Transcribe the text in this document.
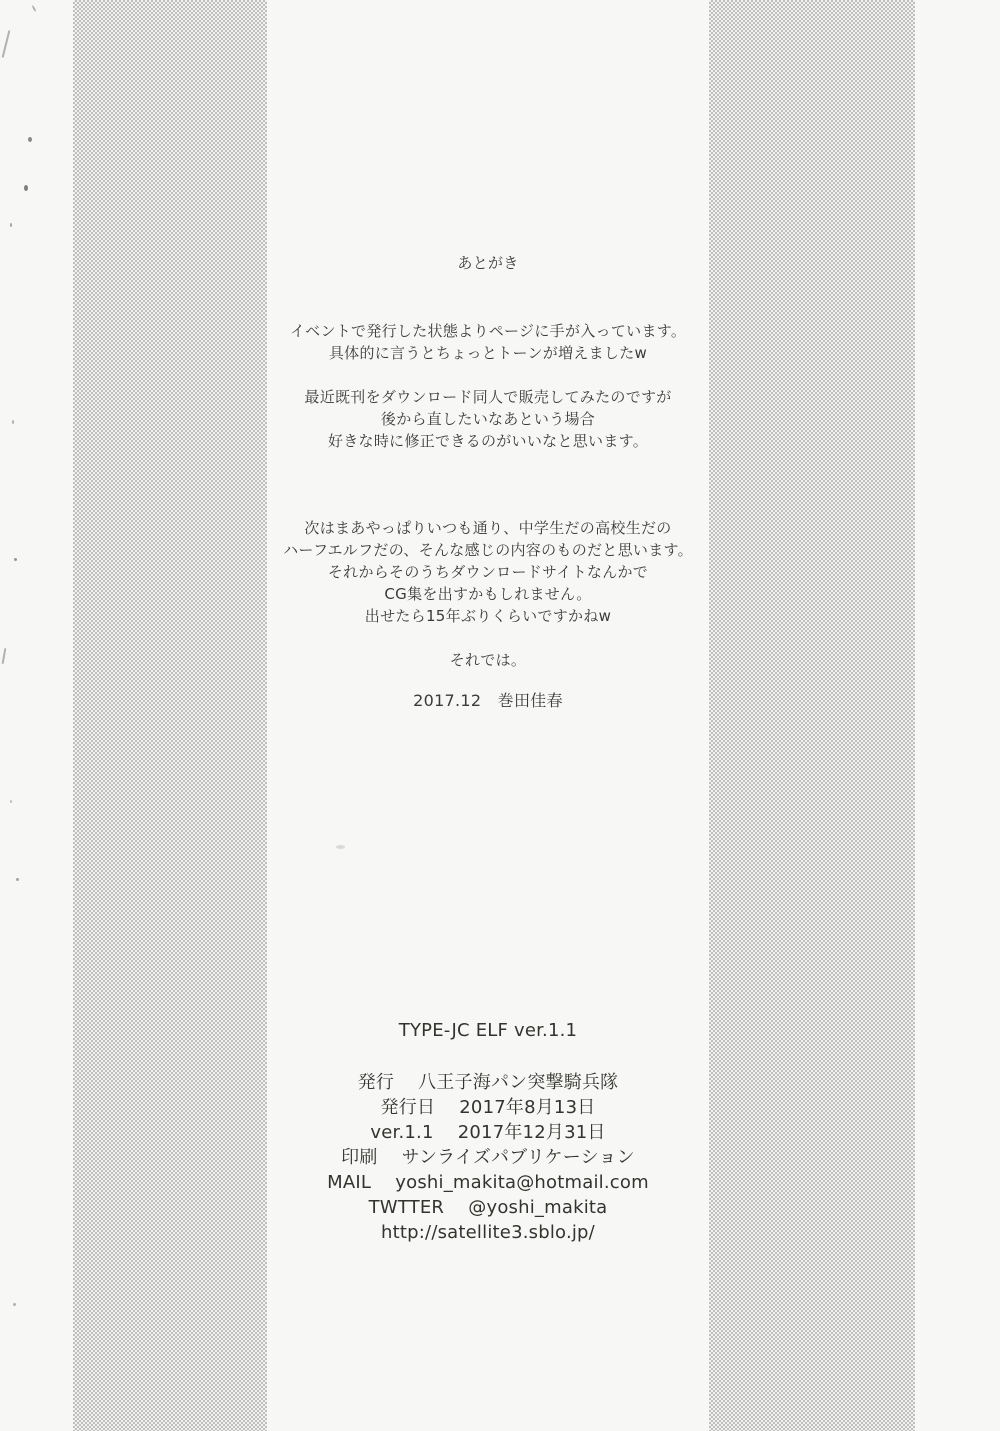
あとがき
イベントで発行した状態よりページに手が入っています。
具体的に言うとちょっとトーンが増えましたw
最近既刊をダウンロード同人で販売してみたのですが
後から直したいなあという場合
好きな時に修正できるのがいいなと思います。
次はまあやっぱりいつも通り、中学生だの高校生だの
ハーフエルフだの、そんな感じの内容のものだと思います。
それからそのうちダウンロードサイトなんかで
CG集を出すかもしれません。
出せたら15年ぶりくらいですかねw
それでは。
2017.12　巻田佳春
TYPE-JC ELF ver.1.1
発行　 八王子海パン突撃騎兵隊
発行日　 2017年8月13日
ver.1.1　 2017年12月31日
印刷　 サンライズパブリケーション
MAIL　 yoshi_makita@hotmail.com
TWTTER　 @yoshi_makita
http://satellite3.sblo.jp/
